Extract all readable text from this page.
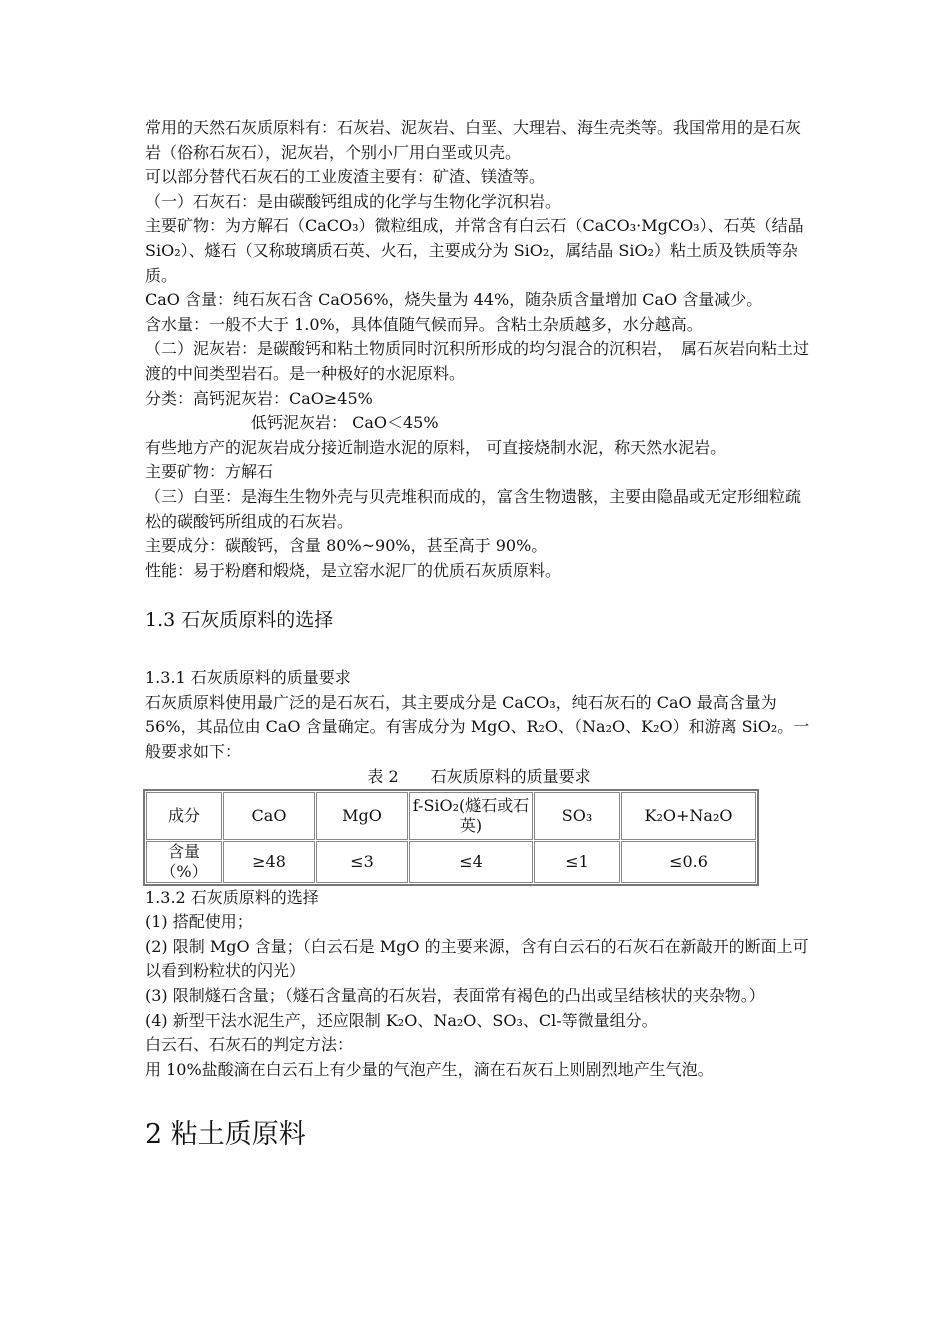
常用的天然石灰质原料有：石灰岩、泥灰岩、白垩、大理岩、海生壳类等。我国常用的是石灰岩（俗称石灰石），泥灰岩，个别小厂用白垩或贝壳。

可以部分替代石灰石的工业废渣主要有：矿渣、镁渣等。

（一）石灰石：是由碳酸钙组成的化学与生物化学沉积岩。

主要矿物：为方解石（CaCO₃）微粒组成，并常含有白云石（CaCO₃·MgCO₃）、石英（结晶 SiO₂）、燧石（又称玻璃质石英、火石，主要成分为 SiO₂，属结晶 SiO₂）粘土质及铁质等杂质。

CaO 含量：纯石灰石含 CaO56%，烧失量为 44%，随杂质含量增加 CaO 含量减少。

含水量：一般不大于 1.0%，具体值随气候而异。含粘土杂质越多，水分越高。

（二）泥灰岩：是碳酸钙和粘土物质同时沉积所形成的均匀混合的沉积岩，　属石灰岩向粘土过渡的中间类型岩石。是一种极好的水泥原料。

分类：高钙泥灰岩：CaO≥45%

低钙泥灰岩： CaO＜45%

有些地方产的泥灰岩成分接近制造水泥的原料， 可直接烧制水泥，称天然水泥岩。

主要矿物：方解石

（三）白垩：是海生生物外壳与贝壳堆积而成的，富含生物遗骸，主要由隐晶或无定形细粒疏松的碳酸钙所组成的石灰岩。

主要成分：碳酸钙，含量 80%~90%，甚至高于 90%。

性能：易于粉磨和煅烧，是立窑水泥厂的优质石灰质原料。

1.3 石灰质原料的选择

1.3.1 石灰质原料的质量要求

石灰质原料使用最广泛的是石灰石，其主要成分是 CaCO₃，纯石灰石的 CaO 最高含量为 56%，其品位由 CaO 含量确定。有害成分为 MgO、R₂O、（Na₂O、K₂O）和游离 SiO₂。一般要求如下：

表 2　　石灰质原料的质量要求

成分	CaO	MgO	f-SiO₂(燧石或石英)	SO₃	K₂O+Na₂O
含量（%）	≥48	≤3	≤4	≤1	≤0.6

1.3.2 石灰质原料的选择

(1) 搭配使用；

(2) 限制 MgO 含量；（白云石是 MgO 的主要来源，含有白云石的石灰石在新敲开的断面上可以看到粉粒状的闪光）

(3) 限制燧石含量；（燧石含量高的石灰岩，表面常有褐色的凸出或呈结核状的夹杂物。）

(4) 新型干法水泥生产，还应限制 K₂O、Na₂O、SO₃、Cl-等微量组分。

白云石、石灰石的判定方法：

用 10%盐酸滴在白云石上有少量的气泡产生，滴在石灰石上则剧烈地产生气泡。

2 粘土质原料
